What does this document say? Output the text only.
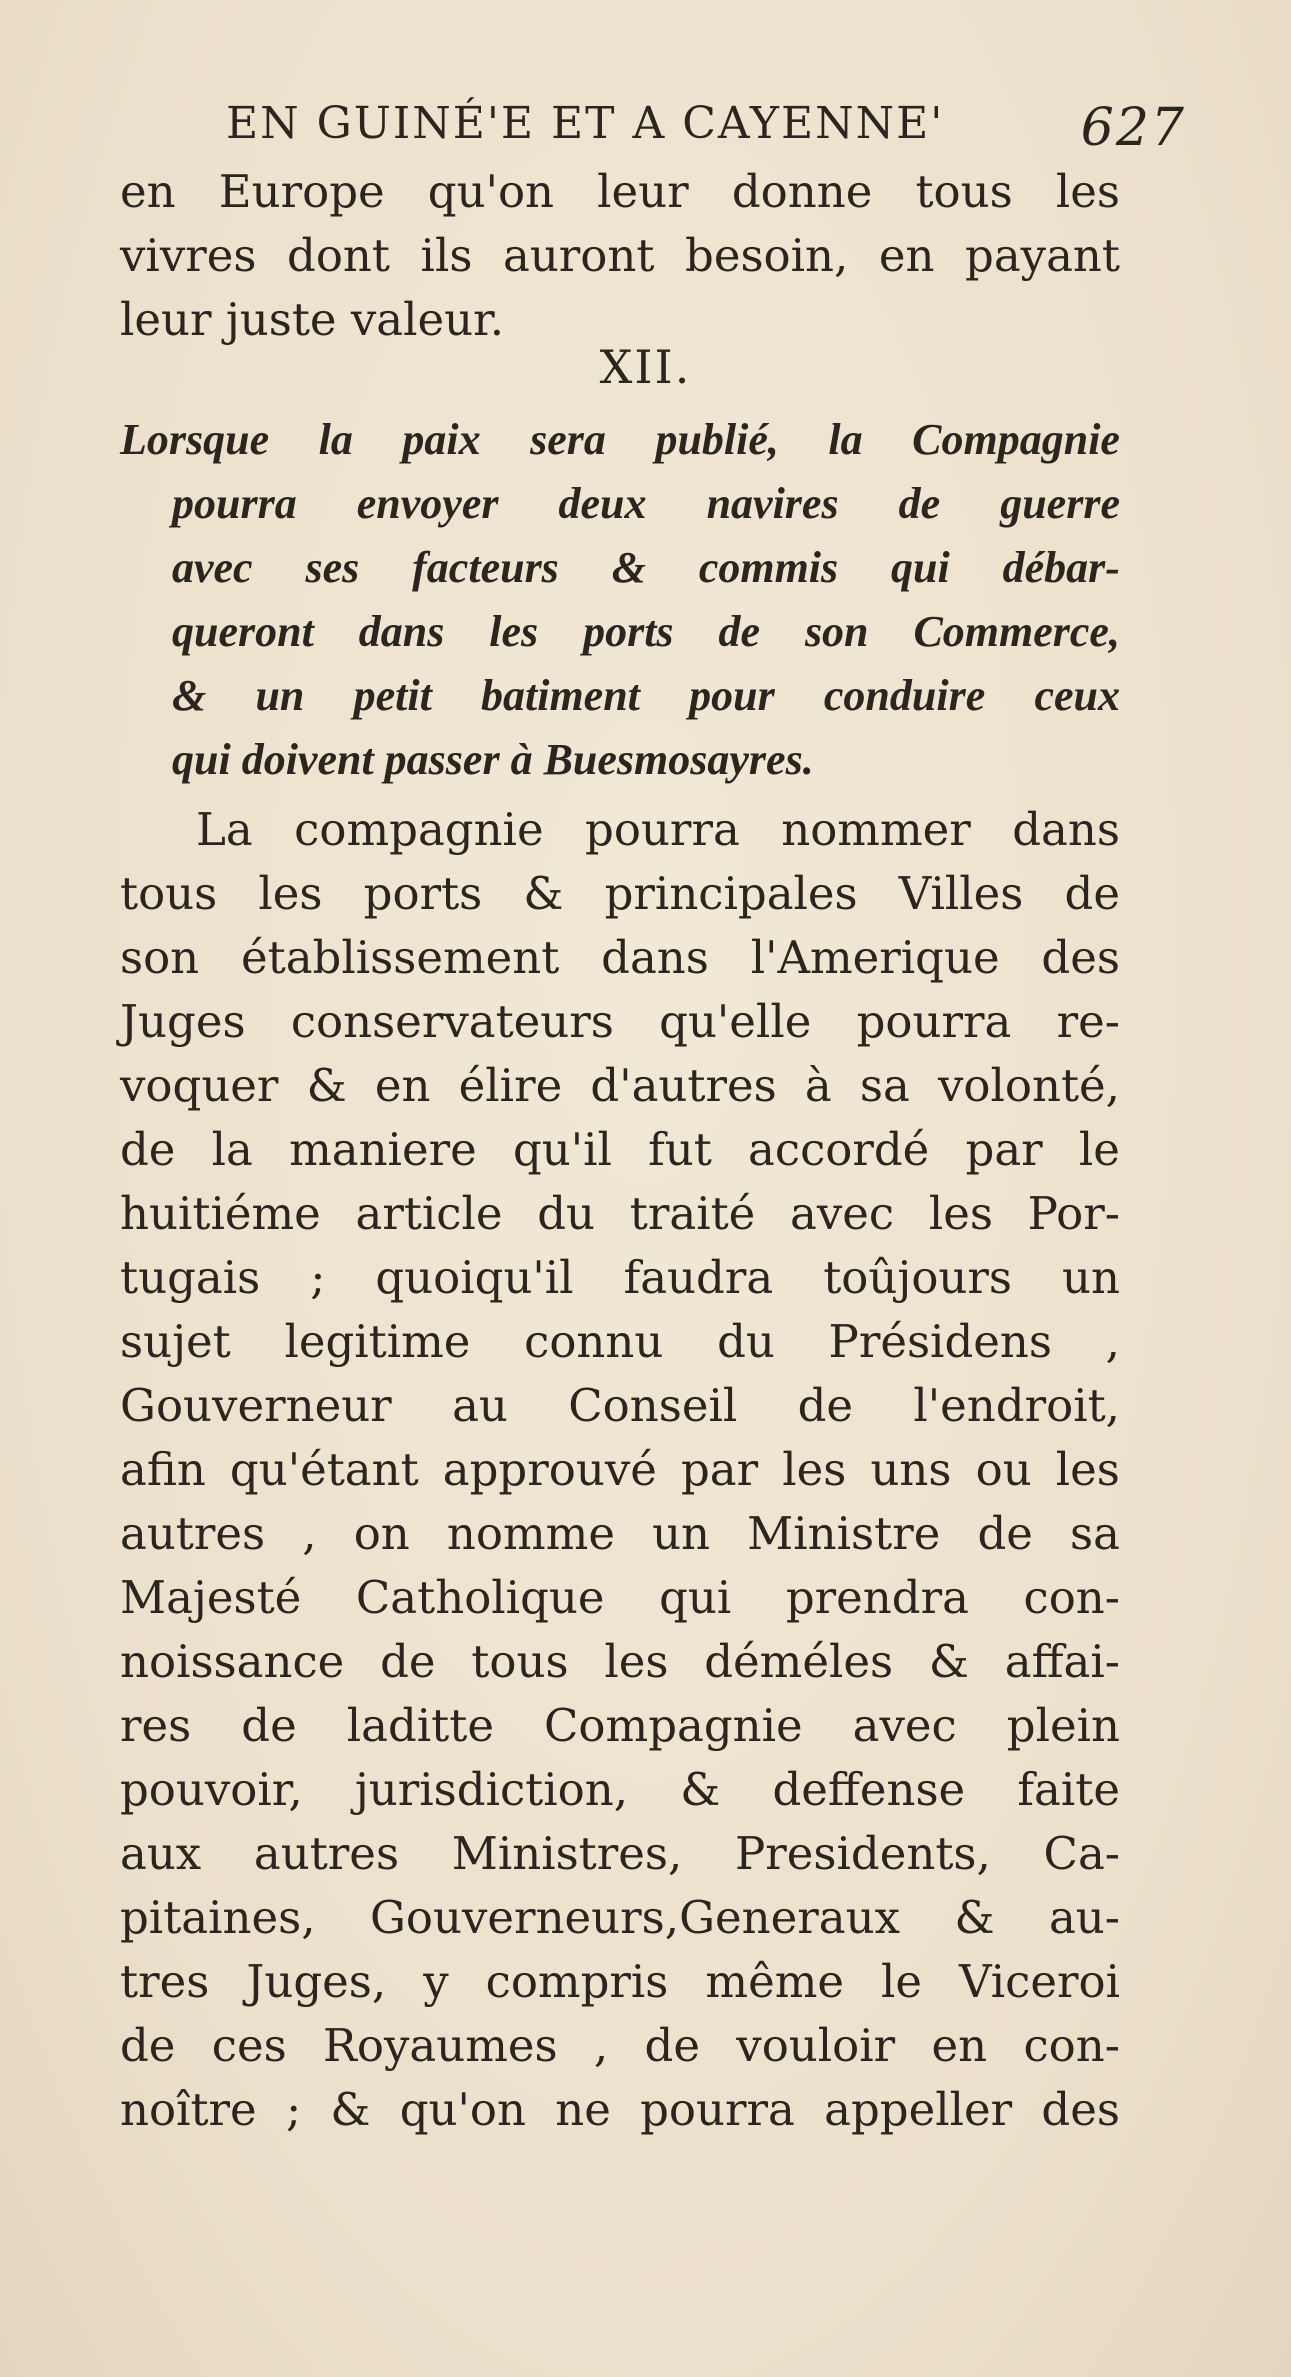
EN GUINÉ'E ET A CAYENNE'	627
en Europe qu'on leur donne tous les
vivres dont ils auront besoin, en payant
leur juste valeur.
XII.
Lorsque la paix sera publié, la Compagnie
pourra envoyer deux navires de guerre
avec ses facteurs & commis qui débar-
queront dans les ports de son Commerce,
& un petit batiment pour conduire ceux
qui doivent passer à Buesmosayres.
La compagnie pourra nommer dans
tous les ports & principales Villes de
son établissement dans l'Amerique des
Juges conservateurs qu'elle pourra re-
voquer & en élire d'autres à sa volonté,
de la maniere qu'il fut accordé par le
huitiéme article du traité avec les Por-
tugais ; quoiqu'il faudra toûjours un
sujet legitime connu du Présidens ,
Gouverneur au Conseil de l'endroit,
afin qu'étant approuvé par les uns ou les
autres , on nomme un Ministre de sa
Majesté Catholique qui prendra con-
noissance de tous les déméles & affai-
res de laditte Compagnie avec plein
pouvoir, jurisdiction, & deffense faite
aux autres Ministres, Presidents, Ca-
pitaines, Gouverneurs,Generaux & au-
tres Juges, y compris même le Viceroi
de ces Royaumes , de vouloir en con-
noître ; & qu'on ne pourra appeller des
